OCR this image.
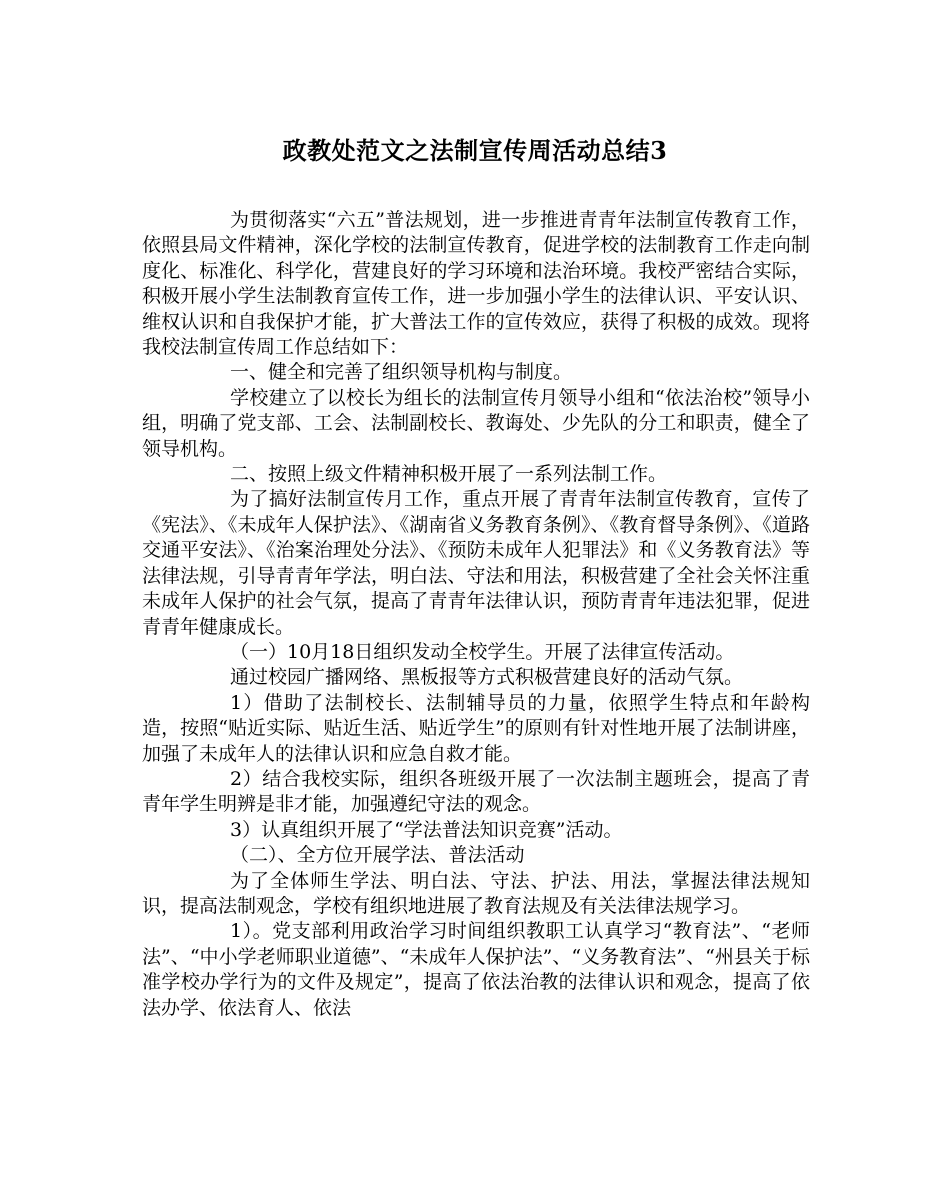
政教处范文之法制宣传周活动总结3

为贯彻落实“六五”普法规划，进一步推进青青年法制宣传教育工作，依照县局文件精神，深化学校的法制宣传教育，促进学校的法制教育工作走向制度化、标准化、科学化，营建良好的学习环境和法治环境。我校严密结合实际，积极开展小学生法制教育宣传工作，进一步加强小学生的法律认识、平安认识、维权认识和自我保护才能，扩大普法工作的宣传效应，获得了积极的成效。现将我校法制宣传周工作总结如下：

一、健全和完善了组织领导机构与制度。

学校建立了以校长为组长的法制宣传月领导小组和“依法治校”领导小组，明确了党支部、工会、法制副校长、教诲处、少先队的分工和职责，健全了领导机构。

二、按照上级文件精神积极开展了一系列法制工作。

为了搞好法制宣传月工作，重点开展了青青年法制宣传教育，宣传了《宪法》、《未成年人保护法》、《湖南省义务教育条例》、《教育督导条例》、《道路交通平安法》、《治案治理处分法》、《预防未成年人犯罪法》和《义务教育法》等法律法规，引导青青年学法，明白法、守法和用法，积极营建了全社会关怀注重未成年人保护的社会气氛，提高了青青年法律认识，预防青青年违法犯罪，促进青青年健康成长。

（一）10月18日组织发动全校学生。开展了法律宣传活动。

通过校园广播网络、黑板报等方式积极营建良好的活动气氛。

1）借助了法制校长、法制辅导员的力量，依照学生特点和年龄构造，按照“贴近实际、贴近生活、贴近学生”的原则有针对性地开展了法制讲座，加强了未成年人的法律认识和应急自救才能。

2）结合我校实际，组织各班级开展了一次法制主题班会，提高了青青年学生明辨是非才能，加强遵纪守法的观念。

3）认真组织开展了“学法普法知识竞赛”活动。

（二）、全方位开展学法、普法活动

为了全体师生学法、明白法、守法、护法、用法，掌握法律法规知识，提高法制观念，学校有组织地进展了教育法规及有关法律法规学习。

1）。党支部利用政治学习时间组织教职工认真学习“教育法”、“老师法”、“中小学老师职业道德”、“未成年人保护法”、“义务教育法”、“州县关于标准学校办学行为的文件及规定”，提高了依法治教的法律认识和观念，提高了依法办学、依法育人、依法
